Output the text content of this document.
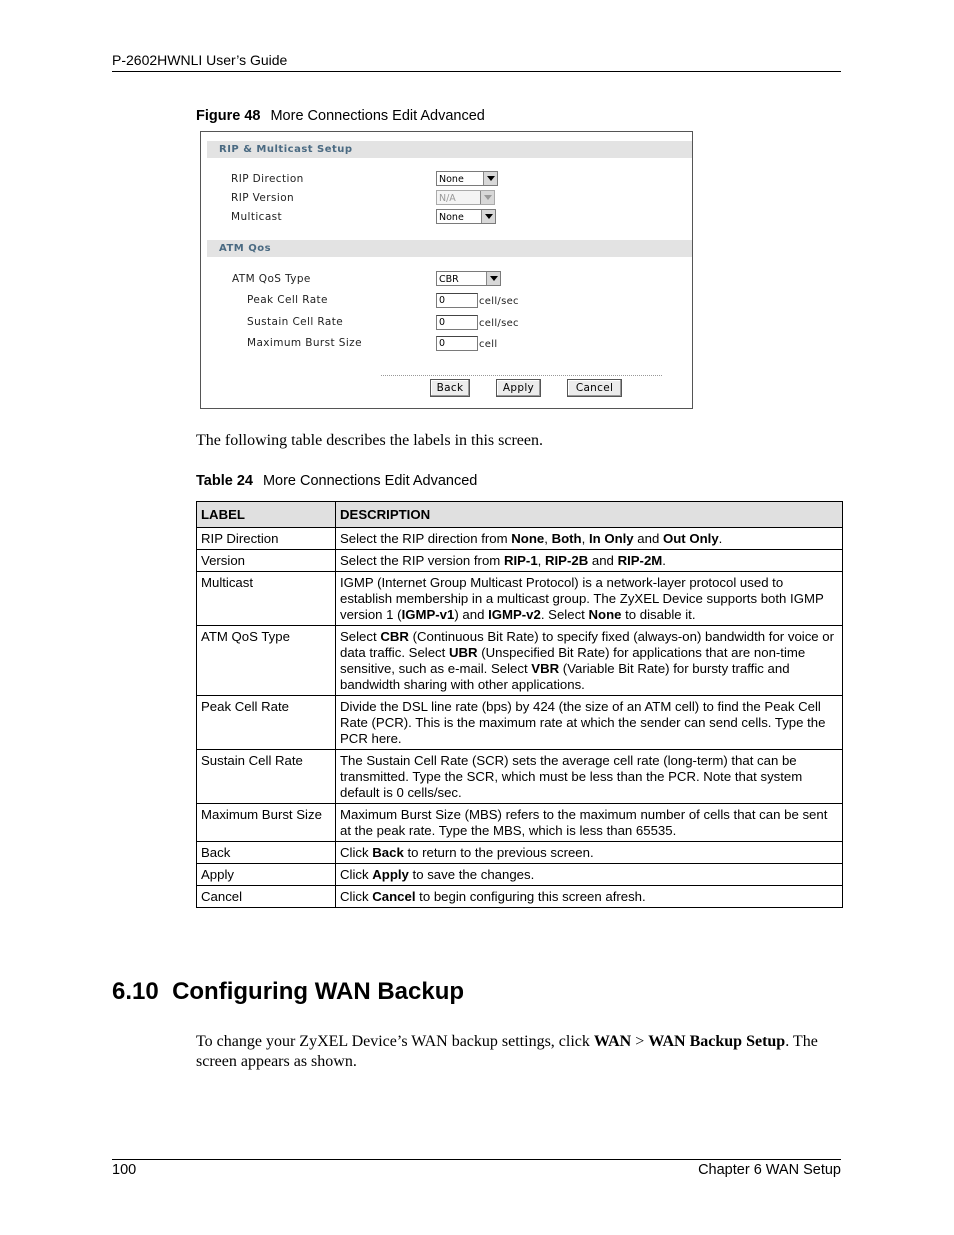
P-2602HWNLI User’s Guide
Figure 48 More Connections Edit Advanced
RIP & Multicast Setup
RIP Direction	None
RIP Version	N/A
Multicast	None
ATM Qos
ATM QoS Type	CBR
Peak Cell Rate	0	cell/sec
Sustain Cell Rate	0	cell/sec
Maximum Burst Size	0	cell
Back	Apply	Cancel
The following table describes the labels in this screen.
Table 24 More Connections Edit Advanced
LABEL	DESCRIPTION
RIP Direction	Select the RIP direction from None, Both, In Only and Out Only.
Version	Select the RIP version from RIP-1, RIP-2B and RIP-2M.
Multicast	IGMP (Internet Group Multicast Protocol) is a network-layer protocol used to establish membership in a multicast group. The ZyXEL Device supports both IGMP version 1 (IGMP-v1) and IGMP-v2. Select None to disable it.
ATM QoS Type	Select CBR (Continuous Bit Rate) to specify fixed (always-on) bandwidth for voice or data traffic. Select UBR (Unspecified Bit Rate) for applications that are non-time sensitive, such as e-mail. Select VBR (Variable Bit Rate) for bursty traffic and bandwidth sharing with other applications.
Peak Cell Rate	Divide the DSL line rate (bps) by 424 (the size of an ATM cell) to find the Peak Cell Rate (PCR). This is the maximum rate at which the sender can send cells. Type the PCR here.
Sustain Cell Rate	The Sustain Cell Rate (SCR) sets the average cell rate (long-term) that can be transmitted. Type the SCR, which must be less than the PCR. Note that system default is 0 cells/sec.
Maximum Burst Size	Maximum Burst Size (MBS) refers to the maximum number of cells that can be sent at the peak rate. Type the MBS, which is less than 65535.
Back	Click Back to return to the previous screen.
Apply	Click Apply to save the changes.
Cancel	Click Cancel to begin configuring this screen afresh.
6.10 Configuring WAN Backup
To change your ZyXEL Device’s WAN backup settings, click WAN > WAN Backup Setup. The screen appears as shown.
100	Chapter 6 WAN Setup
